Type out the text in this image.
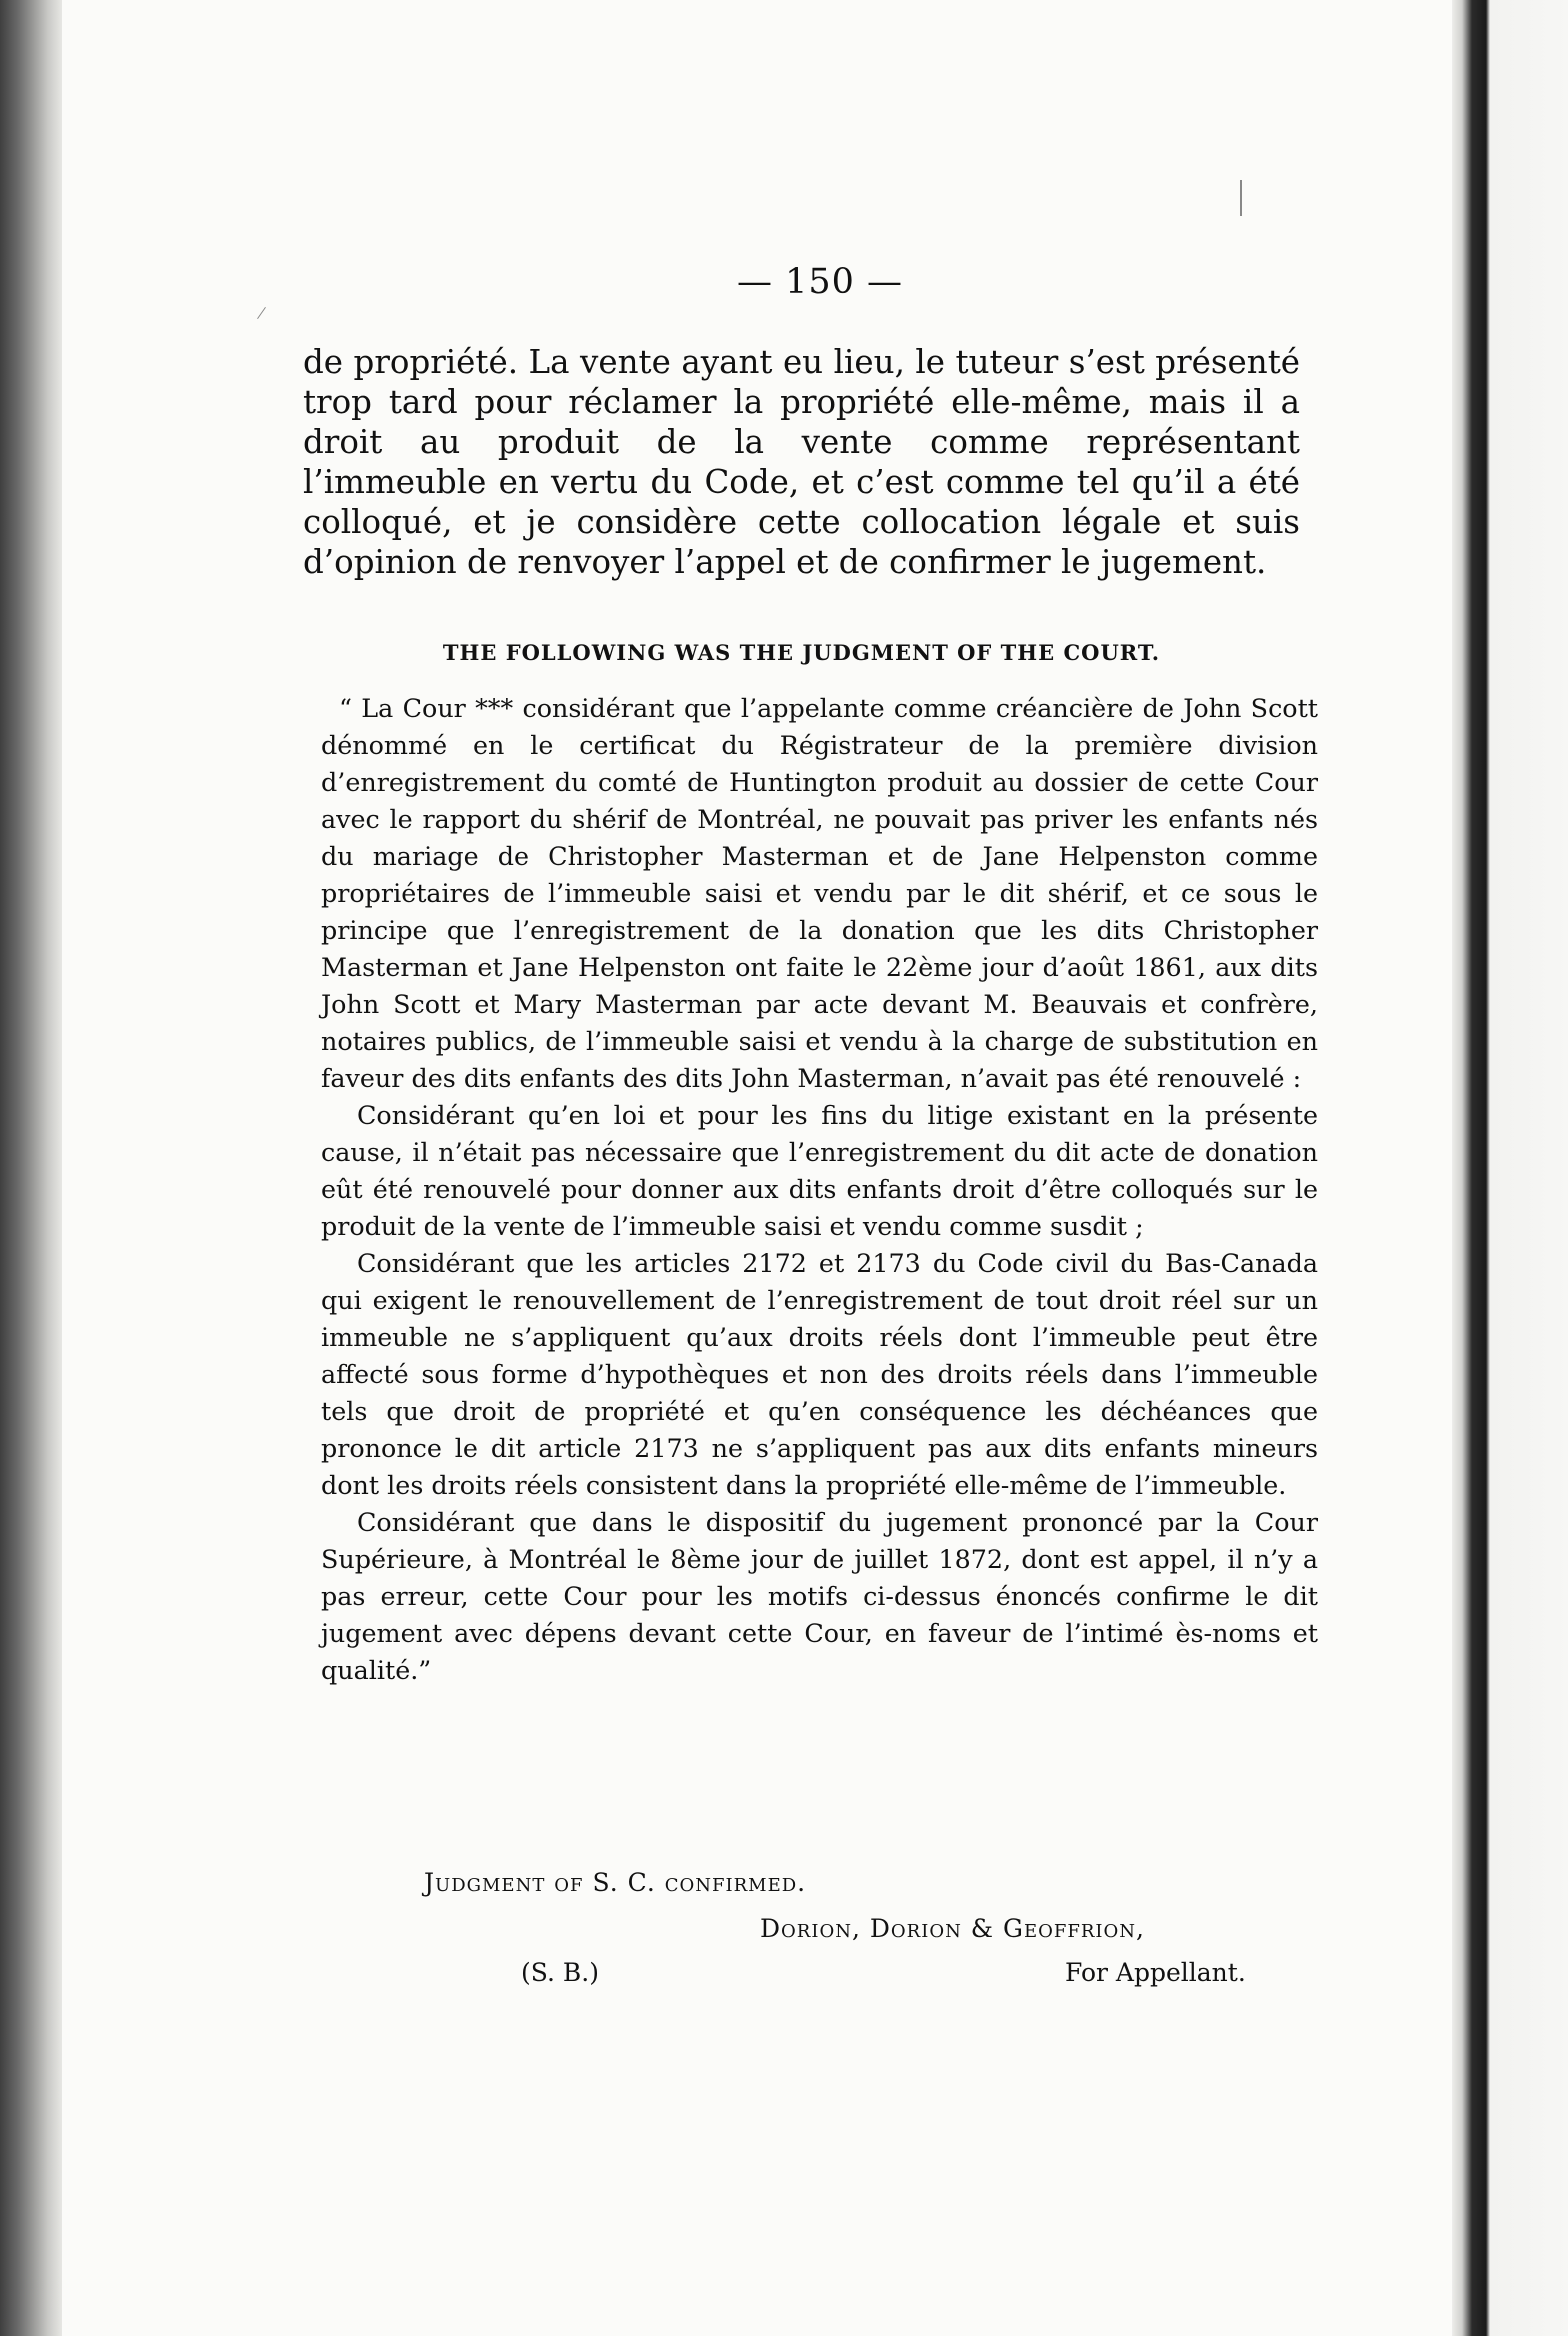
— 150 —

de propriété. La vente ayant eu lieu, le tuteur s’est présenté trop tard pour réclamer la propriété elle-même, mais il a droit au produit de la vente comme représentant l’immeuble en vertu du Code, et c’est comme tel qu’il a été colloqué, et je considère cette collocation légale et suis d’opinion de renvoyer l’appel et de confirmer le jugement.

THE FOLLOWING WAS THE JUDGMENT OF THE COURT.

“ La Cour *** considérant que l’appelante comme créancière de John Scott dénommé en le certificat du Régistrateur de la première division d’enregistrement du comté de Huntington produit au dossier de cette Cour avec le rapport du shérif de Montréal, ne pouvait pas priver les enfants nés du mariage de Christopher Masterman et de Jane Helpenston comme propriétaires de l’immeuble saisi et vendu par le dit shérif, et ce sous le principe que l’enregistrement de la donation que les dits Christopher Masterman et Jane Helpenston ont faite le 22ème jour d’août 1861, aux dits John Scott et Mary Masterman par acte devant M. Beauvais et confrère, notaires publics, de l’immeuble saisi et vendu à la charge de substitution en faveur des dits enfants des dits John Masterman, n’avait pas été renouvelé :

Considérant qu’en loi et pour les fins du litige existant en la présente cause, il n’était pas nécessaire que l’enregistrement du dit acte de donation eût été renouvelé pour donner aux dits enfants droit d’être colloqués sur le produit de la vente de l’immeuble saisi et vendu comme susdit ;

Considérant que les articles 2172 et 2173 du Code civil du Bas-Canada qui exigent le renouvellement de l’enregistrement de tout droit réel sur un immeuble ne s’appliquent qu’aux droits réels dont l’immeuble peut être affecté sous forme d’hypothèques et non des droits réels dans l’immeuble tels que droit de propriété et qu’en conséquence les déchéances que prononce le dit article 2173 ne s’appliquent pas aux dits enfants mineurs dont les droits réels consistent dans la propriété elle-même de l’immeuble.

Considérant que dans le dispositif du jugement prononcé par la Cour Supérieure, à Montréal le 8ème jour de juillet 1872, dont est appel, il n’y a pas erreur, cette Cour pour les motifs ci-dessus énoncés confirme le dit jugement avec dépens devant cette Cour, en faveur de l’intimé ès-noms et qualité.”

Judgment of S. C. confirmed.
Dorion, Dorion & Geoffrion,
(S. B.)	For Appellant.
